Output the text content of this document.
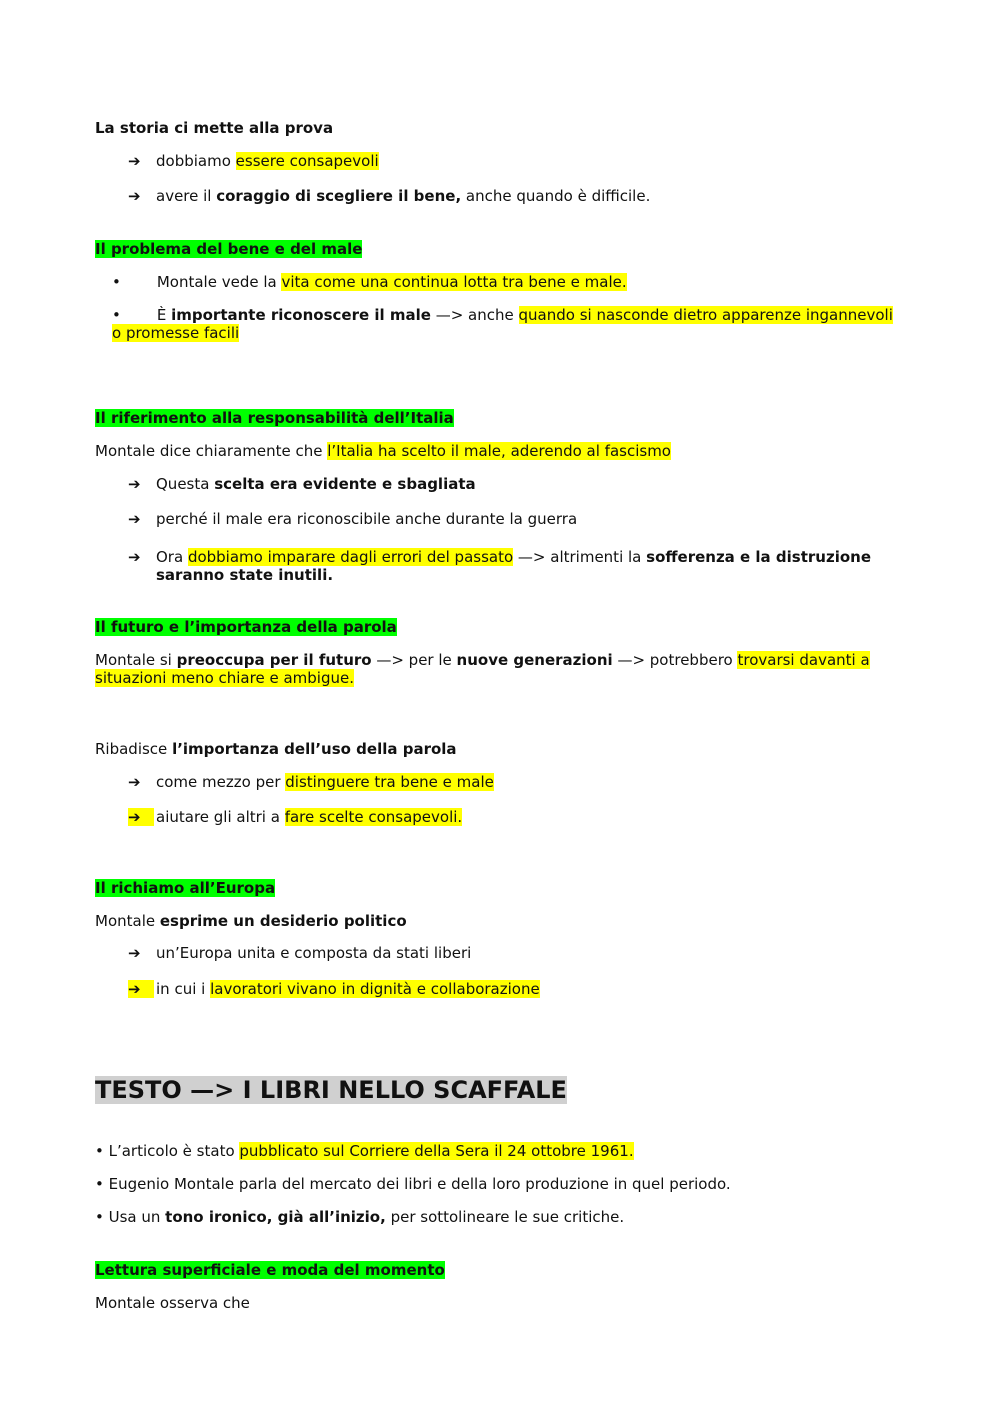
La storia ci mette alla prova

➔	dobbiamo essere consapevoli
➔	avere il coraggio di scegliere il bene, anche quando è difficile.

Il problema del bene e del male

• Montale vede la vita come una continua lotta tra bene e male.
• È importante riconoscere il male —> anche quando si nasconde dietro apparenze ingannevoli o promesse facili

Il riferimento alla responsabilità dell’Italia

Montale dice chiaramente che l’Italia ha scelto il male, aderendo al fascismo

➔	Questa scelta era evidente e sbagliata
➔	perché il male era riconoscibile anche durante la guerra
➔	Ora dobbiamo imparare dagli errori del passato —> altrimenti la sofferenza e la distruzione saranno state inutili.

Il futuro e l’importanza della parola

Montale si preoccupa per il futuro —> per le nuove generazioni —> potrebbero trovarsi davanti a situazioni meno chiare e ambigue.

Ribadisce l’importanza dell’uso della parola

➔	come mezzo per distinguere tra bene e male
➔	aiutare gli altri a fare scelte consapevoli.

Il richiamo all’Europa

Montale esprime un desiderio politico

➔	un’Europa unita e composta da stati liberi
➔	in cui i lavoratori vivano in dignità e collaborazione

TESTO —> I LIBRI NELLO SCAFFALE

• L’articolo è stato pubblicato sul Corriere della Sera il 24 ottobre 1961.

• Eugenio Montale parla del mercato dei libri e della loro produzione in quel periodo.

• Usa un tono ironico, già all’inizio, per sottolineare le sue critiche.

Lettura superficiale e moda del momento

Montale osserva che
